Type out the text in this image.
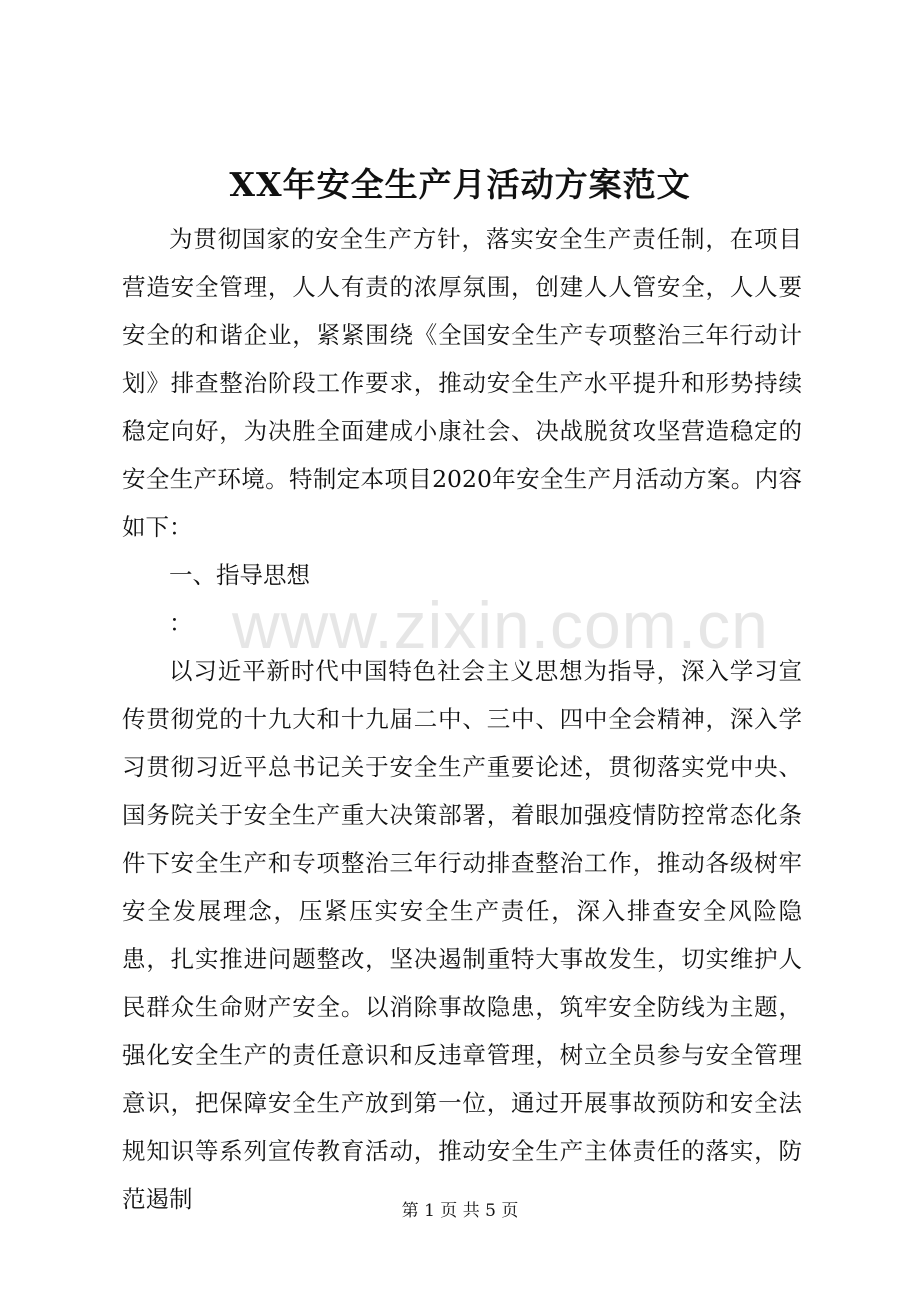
XX年安全生产月活动方案范文

为贯彻国家的安全生产方针，落实安全生产责任制，在项目营造安全管理，人人有责的浓厚氛围，创建人人管安全，人人要安全的和谐企业，紧紧围绕《全国安全生产专项整治三年行动计划》排查整治阶段工作要求，推动安全生产水平提升和形势持续稳定向好，为决胜全面建成小康社会、决战脱贫攻坚营造稳定的安全生产环境。特制定本项目2020年安全生产月活动方案。内容如下：

一、指导思想

：

以习近平新时代中国特色社会主义思想为指导，深入学习宣传贯彻党的十九大和十九届二中、三中、四中全会精神，深入学习贯彻习近平总书记关于安全生产重要论述，贯彻落实党中央、国务院关于安全生产重大决策部署，着眼加强疫情防控常态化条件下安全生产和专项整治三年行动排查整治工作，推动各级树牢安全发展理念，压紧压实安全生产责任，深入排查安全风险隐患，扎实推进问题整改，坚决遏制重特大事故发生，切实维护人民群众生命财产安全。以消除事故隐患，筑牢安全防线为主题，强化安全生产的责任意识和反违章管理，树立全员参与安全管理意识，把保障安全生产放到第一位，通过开展事故预防和安全法规知识等系列宣传教育活动，推动安全生产主体责任的落实，防范遏制

www.zixin.com.cn
第 1 页 共 5 页
